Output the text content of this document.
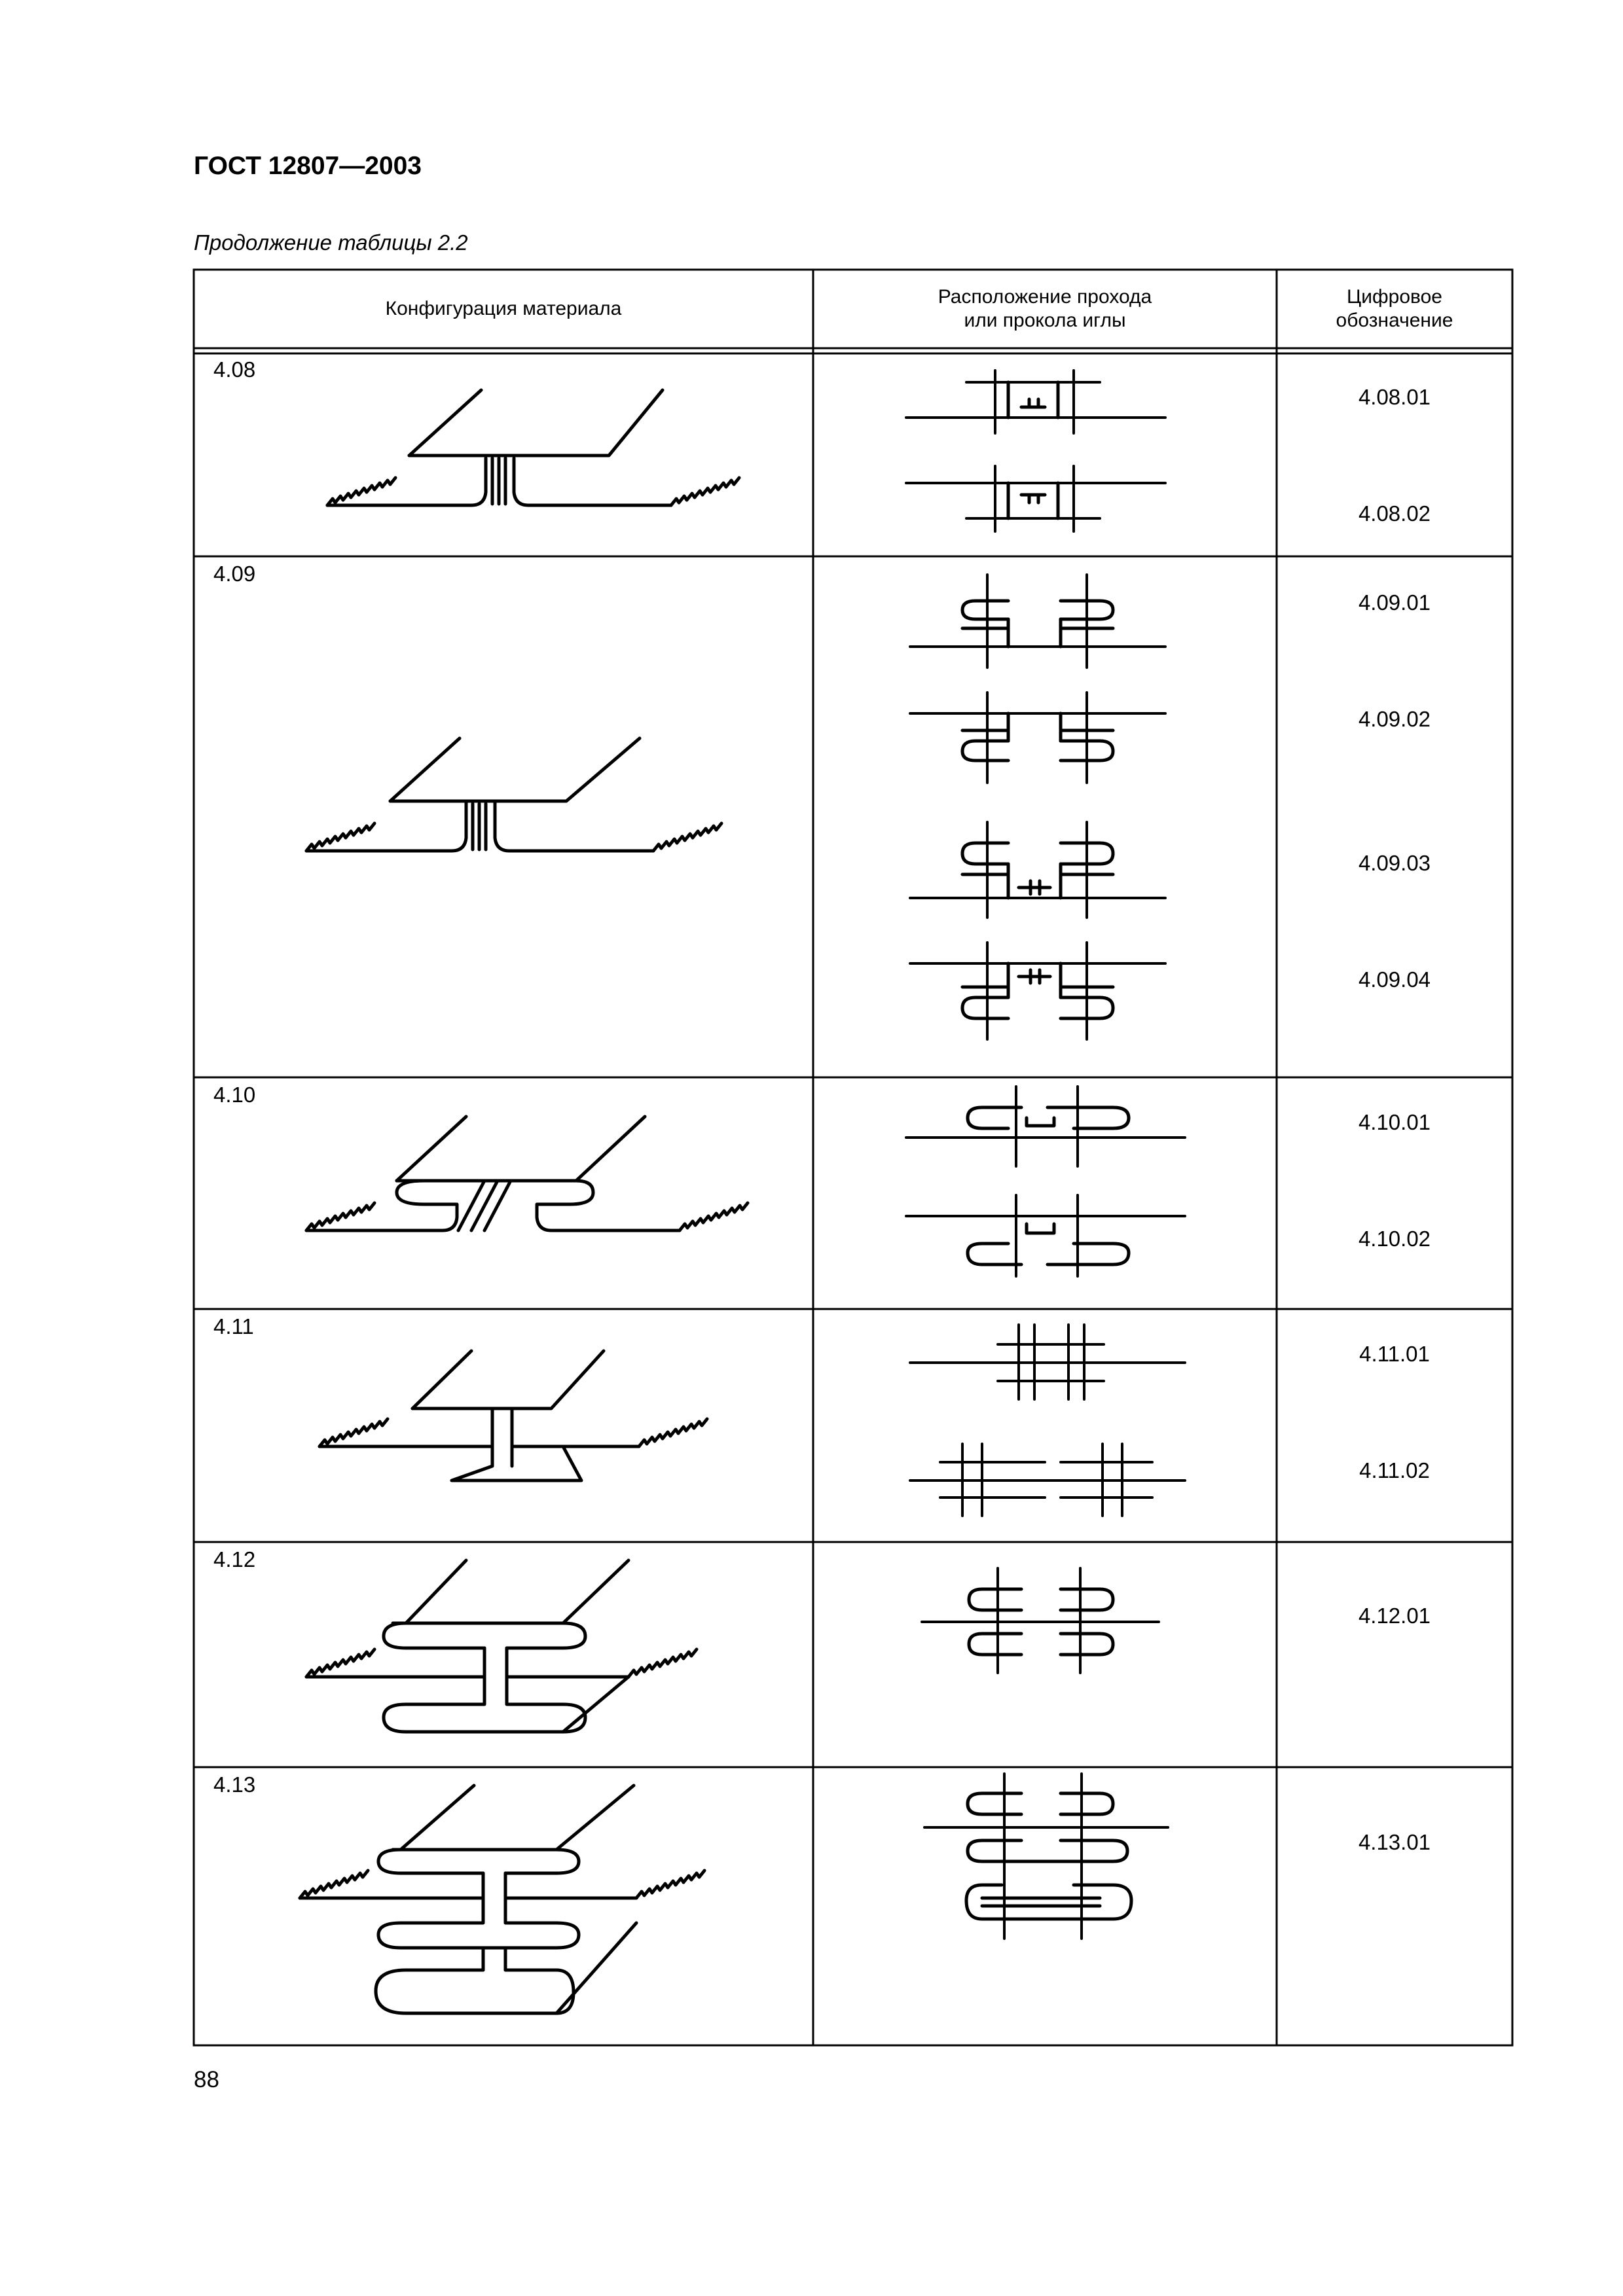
ГОСТ 12807—2003
Продолжение таблицы 2.2
Конфигурация материала
Расположение прохода
или прокола иглы
Цифровое
обозначение
4.08
4.09
4.10
4.11
4.12
4.13
4.08.01
4.08.02
4.09.01
4.09.02
4.09.03
4.09.04
4.10.01
4.10.02
4.11.01
4.11.02
4.12.01
4.13.01
88
